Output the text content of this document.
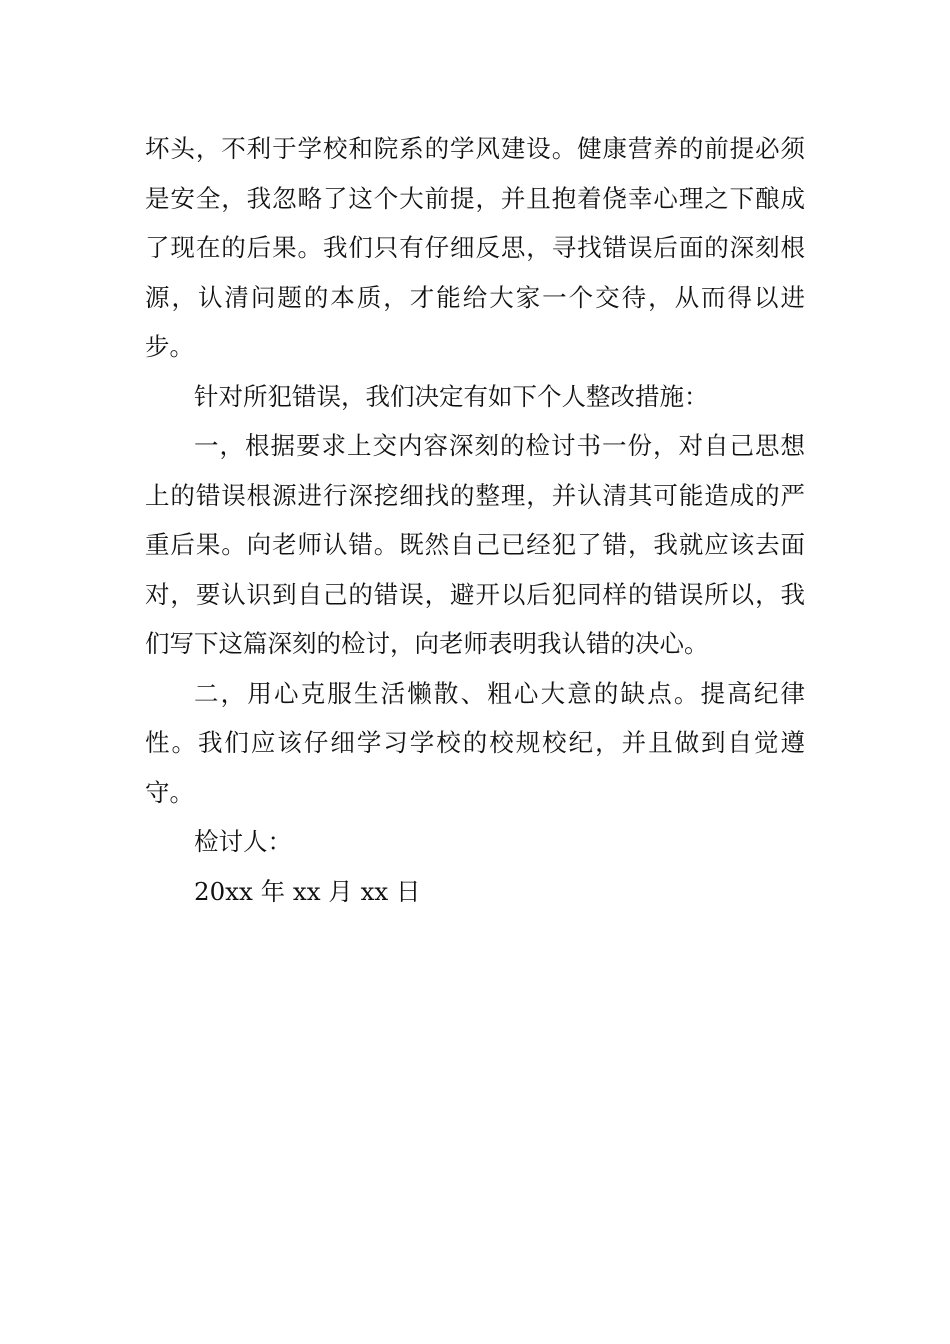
坏头，不利于学校和院系的学风建设。健康营养的前提必须是安全，我忽略了这个大前提，并且抱着侥幸心理之下酿成了现在的后果。我们只有仔细反思，寻找错误后面的深刻根源，认清问题的本质，才能给大家一个交待，从而得以进步。

针对所犯错误，我们决定有如下个人整改措施：

一，根据要求上交内容深刻的检讨书一份，对自己思想上的错误根源进行深挖细找的整理，并认清其可能造成的严重后果。向老师认错。既然自己已经犯了错，我就应该去面对，要认识到自己的错误，避开以后犯同样的错误所以，我们写下这篇深刻的检讨，向老师表明我认错的决心。

二，用心克服生活懒散、粗心大意的缺点。提高纪律性。我们应该仔细学习学校的校规校纪，并且做到自觉遵守。

检讨人：

20xx 年 xx 月 xx 日
